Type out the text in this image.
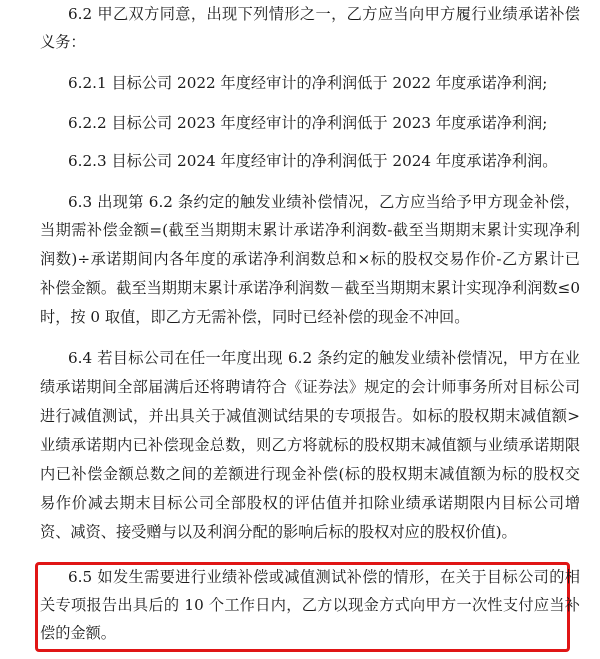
6.2 甲乙双方同意，出现下列情形之一，乙方应当向甲方履行业绩承诺补偿
义务：
6.2.1 目标公司 2022 年度经审计的净利润低于 2022 年度承诺净利润;
6.2.2 目标公司 2023 年度经审计的净利润低于 2023 年度承诺净利润;
6.2.3 目标公司 2024 年度经审计的净利润低于 2024 年度承诺净利润。
6.3 出现第 6.2 条约定的触发业绩补偿情况，乙方应当给予甲方现金补偿，
当期需补偿金额=(截至当期期末累计承诺净利润数-截至当期期末累计实现净利
润数)÷承诺期间内各年度的承诺净利润数总和×标的股权交易作价-乙方累计已
补偿金额。截至当期期末累计承诺净利润数－截至当期期末累计实现净利润数≤0
时，按 0 取值，即乙方无需补偿，同时已经补偿的现金不冲回。
6.4 若目标公司在任一年度出现 6.2 条约定的触发业绩补偿情况，甲方在业
绩承诺期间全部届满后还将聘请符合《证券法》规定的会计师事务所对目标公司
进行减值测试，并出具关于减值测试结果的专项报告。如标的股权期末减值额>
业绩承诺期内已补偿现金总数，则乙方将就标的股权期末减值额与业绩承诺期限
内已补偿金额总数之间的差额进行现金补偿(标的股权期末减值额为标的股权交
易作价减去期末目标公司全部股权的评估值并扣除业绩承诺期限内目标公司增
资、减资、接受赠与以及利润分配的影响后标的股权对应的股权价值)。
6.5 如发生需要进行业绩补偿或减值测试补偿的情形，在关于目标公司的相
关专项报告出具后的 10 个工作日内，乙方以现金方式向甲方一次性支付应当补
偿的金额。
